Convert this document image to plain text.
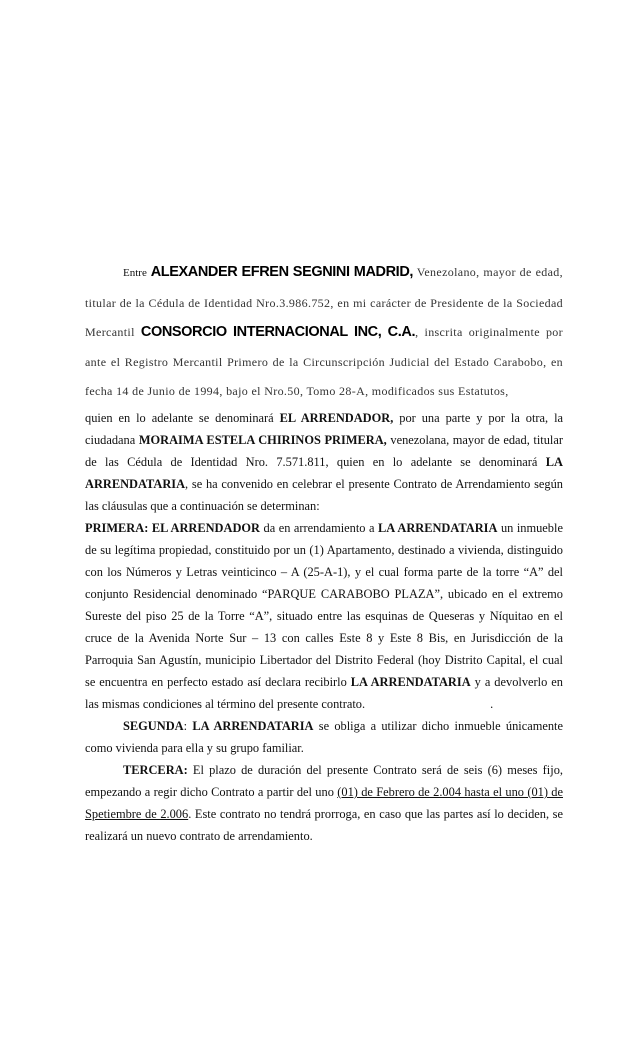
Entre ALEXANDER EFREN SEGNINI MADRID, Venezolano, mayor de edad, titular de la Cédula de Identidad Nro.3.986.752, en mi carácter de Presidente de la Sociedad Mercantil CONSORCIO INTERNACIONAL INC, C.A., inscrita originalmente por ante el Registro Mercantil Primero de la Circunscripción Judicial del Estado Carabobo, en fecha 14 de Junio de 1994, bajo el Nro.50, Tomo 28-A, modificados sus Estatutos,

quien en lo adelante se denominará EL ARRENDADOR, por una parte y por la otra, la ciudadana MORAIMA ESTELA CHIRINOS PRIMERA, venezolana, mayor de edad, titular de las Cédula de Identidad Nro. 7.571.811, quien en lo adelante se denominará LA ARRENDATARIA, se ha convenido en celebrar el presente Contrato de Arrendamiento según las cláusulas que a continuación se determinan:

PRIMERA: EL ARRENDADOR da en arrendamiento a LA ARRENDATARIA un inmueble de su legítima propiedad, constituido por un (1) Apartamento, destinado a vivienda, distinguido con los Números y Letras veinticinco – A (25-A-1), y el cual forma parte de la torre “A” del conjunto Residencial denominado “PARQUE CARABOBO PLAZA”, ubicado en el extremo Sureste del piso 25 de la Torre “A”, situado entre las esquinas de Queseras y Níquitao en el cruce de la Avenida Norte Sur – 13 con calles Este 8 y Este 8 Bis, en Jurisdicción de la Parroquia San Agustín, municipio Libertador del Distrito Federal (hoy Distrito Capital, el cual se encuentra en perfecto estado así declara recibirlo LA ARRENDATARIA y a devolverlo en las mismas condiciones al término del presente contrato.	.

SEGUNDA: LA ARRENDATARIA se obliga a utilizar dicho inmueble únicamente como vivienda para ella y su grupo familiar.

TERCERA: El plazo de duración del presente Contrato será de seis (6) meses fijo, empezando a regir dicho Contrato a partir del uno (01) de Febrero de 2.004 hasta el uno (01) de Spetiembre de 2.006. Este contrato no tendrá prorroga, en caso que las partes así lo deciden, se realizará un nuevo contrato de arrendamiento.
